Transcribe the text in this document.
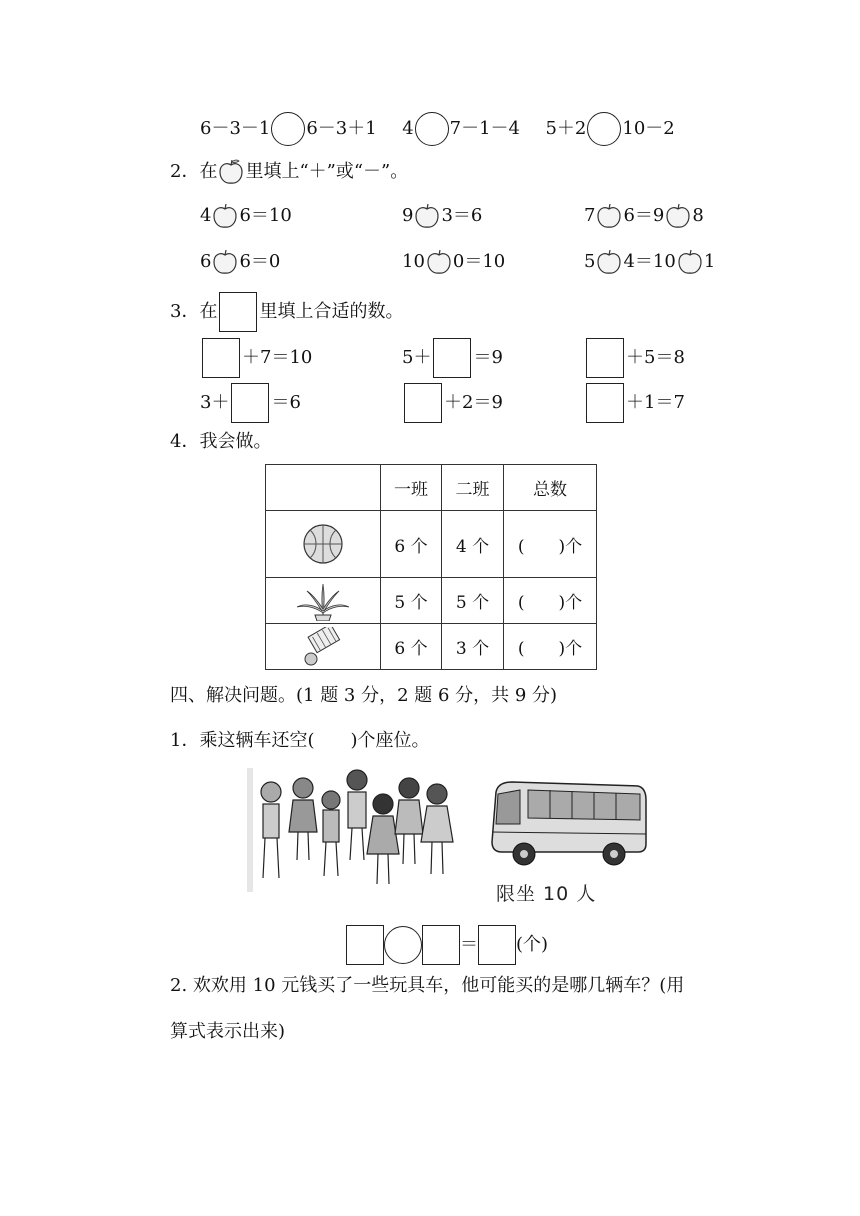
6－3－1 6－3＋1 4 7－1－4 5＋2 10－2
2．在 里填上“＋”或“－”。
4 6＝10	9 3＝6	7 6＝9 8
6 6＝0	10 0＝10	5 4＝10 1
3．在 里填上合适的数。
＋7＝10	5＋ ＝9	＋5＝8
3＋ ＝6	＋2＝9	＋1＝7
4．我会做。
	一班	二班	总数
	6 个	4 个	(　　)个
	5 个	5 个	(　　)个
	6 个	3 个	(　　)个
四、解决问题。(1 题 3 分，2 题 6 分，共 9 分)
1．乘这辆车还空(　　)个座位。
限坐 10 人
＝ (个)
2. 欢欢用 10 元钱买了一些玩具车，他可能买的是哪几辆车？(用
算式表示出来)
